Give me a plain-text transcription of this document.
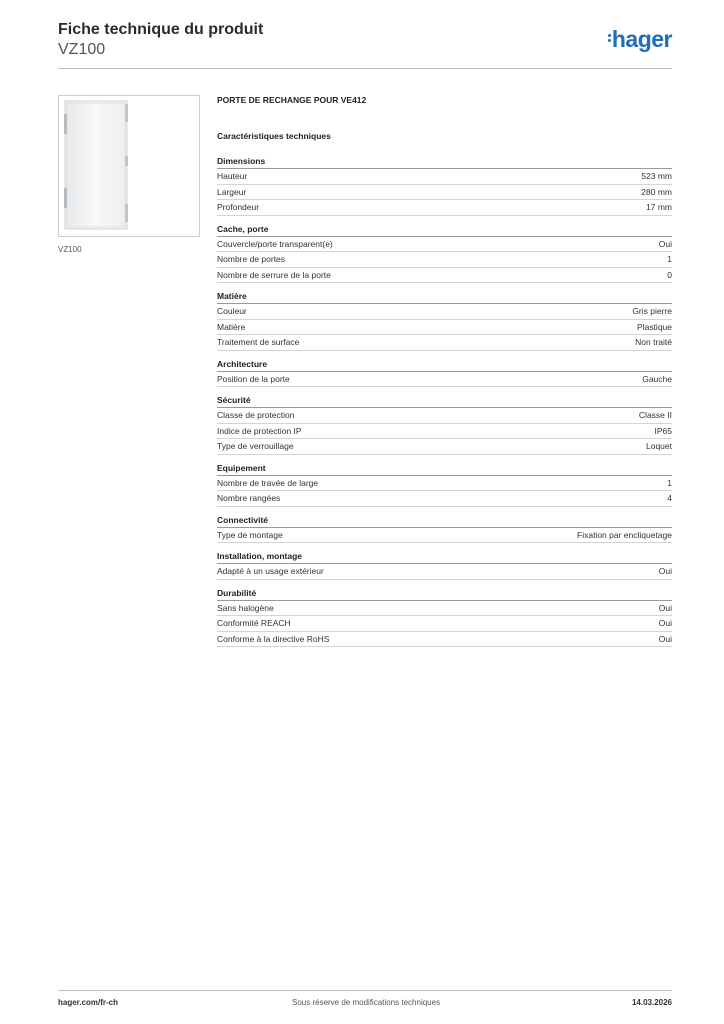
Fiche technique du produit
VZ100	hager
VZ100
PORTE DE RECHANGE POUR VE412
Caractéristiques techniques
Dimensions
Hauteur	523 mm
Largeur	280 mm
Profondeur	17 mm
Cache, porte
Couvercle/porte transparent(e)	Oui
Nombre de portes	1
Nombre de serrure de la porte	0
Matière
Couleur	Gris pierre
Matière	Plastique
Traitement de surface	Non traité
Architecture
Position de la porte	Gauche
Sécurité
Classe de protection	Classe II
Indice de protection IP	IP65
Type de verrouillage	Loquet
Equipement
Nombre de travée de large	1
Nombre rangées	4
Connectivité
Type de montage	Fixation par encliquetage
Installation, montage
Adapté à un usage extérieur	Oui
Durabilité
Sans halogène	Oui
Conformité REACH	Oui
Conforme à la directive RoHS	Oui
hager.com/fr-ch	Sous réserve de modifications techniques	14.03.2026
